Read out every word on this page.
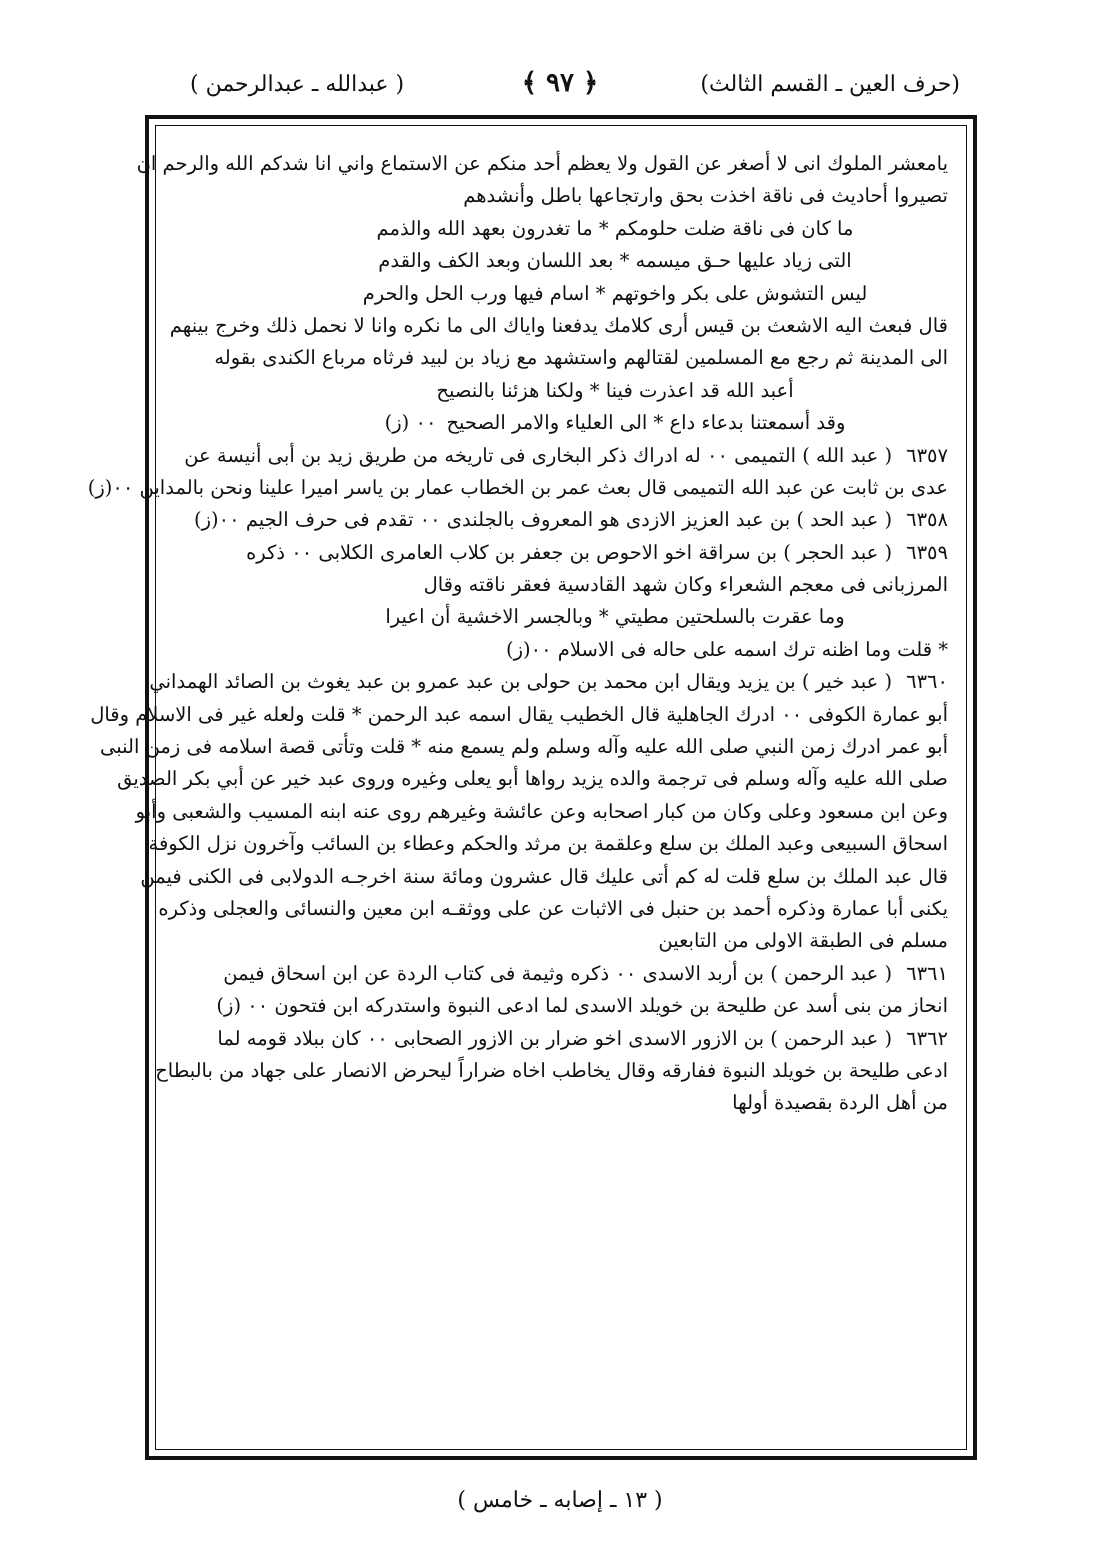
(حرف العين ـ القسم الثالث)
﴿ ٩٧ ﴾
( عبدالله ـ عبدالرحمن )
يامعشر الملوك انى لا أصغر عن القول ولا يعظم أحد منكم عن الاستماع واني انا شدكم الله والرحم ان
تصيروا أحاديث فى ناقة اخذت بحق وارتجاعها باطل وأنشدهم
ما كان فى ناقة ضلت حلومكم * ما تغدرون بعهد الله والذمم
التى زياد عليها حـق ميسمه * بعد اللسان وبعد الكف والقدم
ليس التشوش على بكر واخوتهم * اسام فيها ورب الحل والحرم
قال فبعث اليه الاشعث بن قيس أرى كلامك يدفعنا واياك الى ما نكره وانا لا نحمل ذلك وخرج بينهم
الى المدينة ثم رجع مع المسلمين لقتالهم واستشهد مع زياد بن لبيد فرثاه مرباع الكندى بقوله
أعبد الله قد اعذرت فينا * ولكنا هزئنا بالنصيح
وقد أسمعتنا بدعاء داع * الى العلياء والامر الصحيح٠٠ (ز)
٦٣٥٧( عبد الله ) التميمى ٠٠ له ادراك ذكر البخارى فى تاريخه من طريق زيد بن أبى أنيسة عن
عدى بن ثابت عن عبد الله التميمى قال بعث عمر بن الخطاب عمار بن ياسر اميرا علينا ونحن بالمداين ٠٠(ز)
٦٣٥٨( عبد الحد ) بن عبد العزيز الازدى هو المعروف بالجلندى ٠٠ تقدم فى حرف الجيم ٠٠(ز)
٦٣٥٩( عبد الحجر ) بن سراقة اخو الاحوص بن جعفر بن كلاب العامرى الكلابى ٠٠ ذكره
المرزبانى فى معجم الشعراء وكان شهد القادسية فعقر ناقته وقال
وما عقرت بالسلحتين مطيتي * وبالجسر الاخشية أن اعيرا
* قلت وما اظنه ترك اسمه على حاله فى الاسلام ٠٠(ز)
٦٣٦٠( عبد خير ) بن يزيد ويقال ابن محمد بن حولى بن عبد عمرو بن عبد يغوث بن الصائد الهمداني
أبو عمارة الكوفى ٠٠ ادرك الجاهلية قال الخطيب يقال اسمه عبد الرحمن * قلت ولعله غير فى الاسلام وقال
أبو عمر ادرك زمن النبي صلى الله عليه وآله وسلم ولم يسمع منه * قلت وتأتى قصة اسلامه فى زمن النبى
صلى الله عليه وآله وسلم فى ترجمة والده يزيد رواها أبو يعلى وغيره وروى عبد خير عن أبي بكر الصديق
وعن ابن مسعود وعلى وكان من كبار اصحابه وعن عائشة وغيرهم روى عنه ابنه المسيب والشعبى وأبو
اسحاق السبيعى وعبد الملك بن سلع وعلقمة بن مرثد والحكم وعطاء بن السائب وآخرون نزل الكوفة
قال عبد الملك بن سلع قلت له كم أتى عليك قال عشرون ومائة سنة اخرجـه الدولابى فى الكنى فيمن
يكنى أبا عمارة وذكره أحمد بن حنبل فى الاثبات عن على ووثقـه ابن معين والنسائى والعجلى وذكره
مسلم فى الطبقة الاولى من التابعين
٦٣٦١( عبد الرحمن ) بن أربد الاسدى ٠٠ ذكره وثيمة فى كتاب الردة عن ابن اسحاق فيمن
انحاز من بنى أسد عن طليحة بن خويلد الاسدى لما ادعى النبوة واستدركه ابن فتحون ٠٠ (ز)
٦٣٦٢( عبد الرحمن ) بن الازور الاسدى اخو ضرار بن الازور الصحابى ٠٠ كان ببلاد قومه لما
ادعى طليحة بن خويلد النبوة ففارقه وقال يخاطب اخاه ضراراً ليحرض الانصار على جهاد من بالبطاح
من أهل الردة بقصيدة أولها
( ١٣ ـ إصابه ـ خامس )
